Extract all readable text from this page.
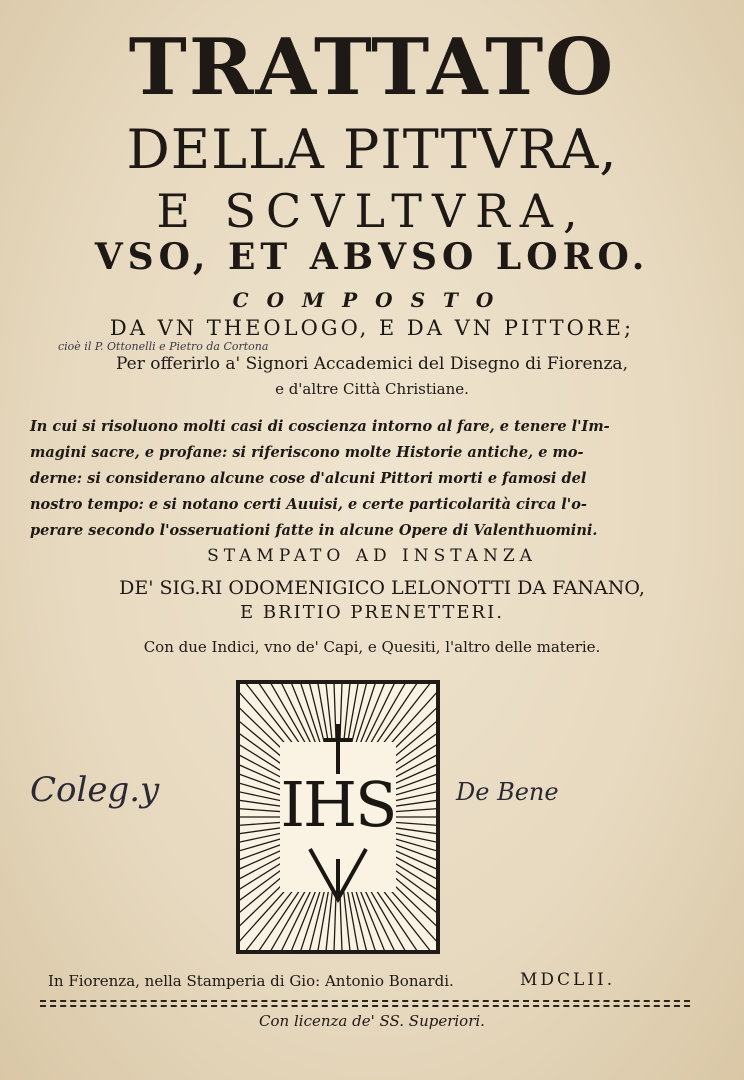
TRATTATO
DELLA PITTVRA,
E SCVLTVRA,
VSO, ET ABVSO LORO.
COMPOSTO
DA VN THEOLOGO, E DA VN PITTORE;
cioè il P. Ottonelli e Pietro da Cortona
Per offerirlo a' Signori Accademici del Disegno di Fiorenza,
e d'altre Città Christiane.
In cui si risoluono molti casi di coscienza intorno al fare, e tenere l'Im-
magini sacre, e profane: si riferiscono molte Historie antiche, e mo-
derne: si considerano alcune cose d'alcuni Pittori morti e famosi del
nostro tempo: e si notano certi Auuisi, e certe particolarità circa l'o-
perare secondo l'osseruationi fatte in alcune Opere di Valenthuomini.
STAMPATO AD INSTANZA
DE' SIG.RI ODOMENIGICO LELONOTTI DA FANANO,
E BRITIO PRENETTERI.
Con due Indici, vno de' Capi, e Quesiti, l'altro delle materie.
Coleg.y	De Bene
IHS
In Fiorenza, nella Stamperia di Gio: Antonio Bonardi.	MDCLII.
Con licenza de' SS. Superiori.
